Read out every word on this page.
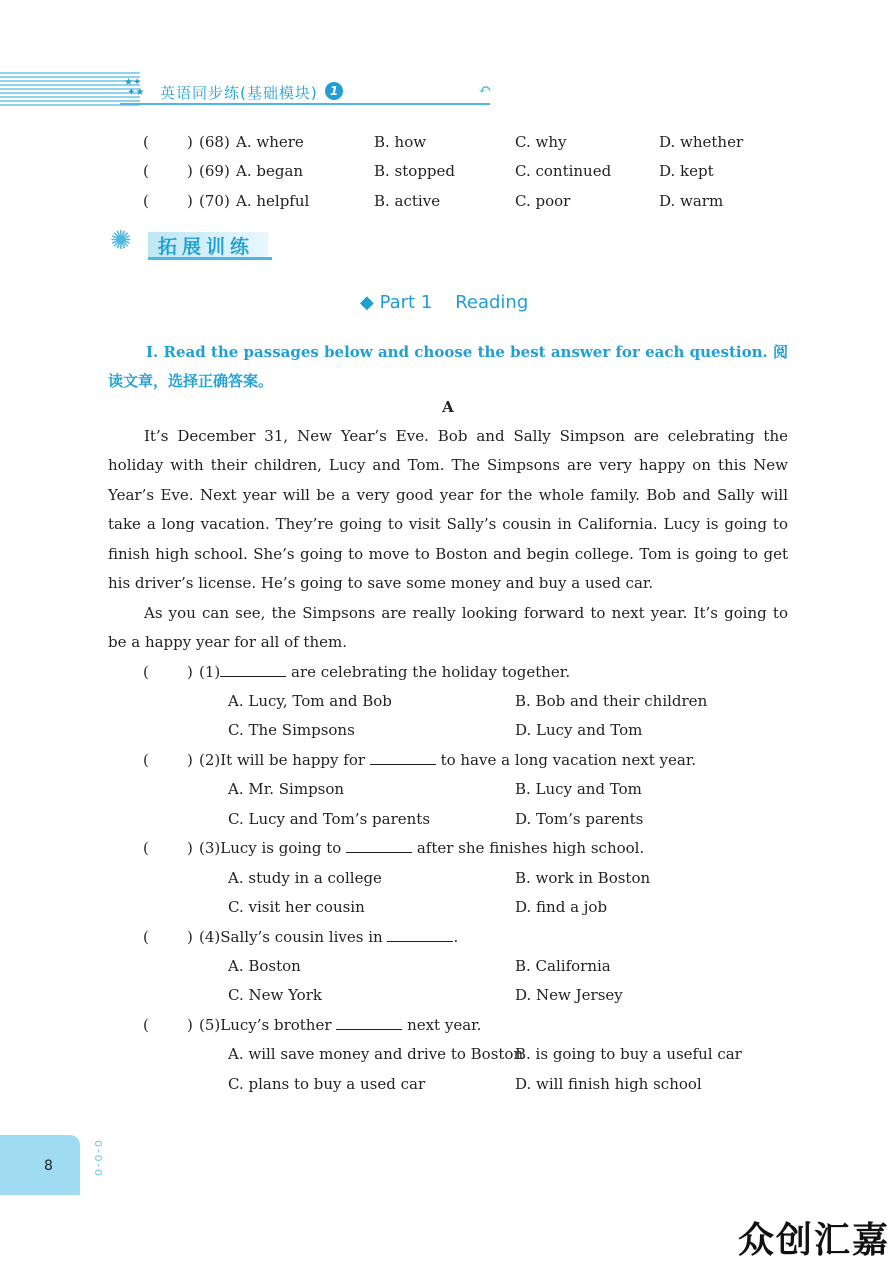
★✦
✦★ 英语同步练(基础模块)	1	↶
(	) (68) A. where	B. how	C. why	D. whether
(	) (69) A. began	B. stopped	C. continued	D. kept
(	) (70) A. helpful	B. active	C. poor	D. warm
✺ 拓展训练
◆ Part 1 Reading
Ⅰ. Read the passages below and choose the best answer for each question. 阅读文章，选择正确答案。
A
It’s December 31, New Year’s Eve. Bob and Sally Simpson are celebrating the holiday with their children, Lucy and Tom. The Simpsons are very happy on this New Year’s Eve. Next year will be a very good year for the whole family. Bob and Sally will take a long vacation. They’re going to visit Sally’s cousin in California. Lucy is going to finish high school. She’s going to move to Boston and begin college. Tom is going to get his driver’s license. He’s going to save some money and buy a used car.
As you can see, the Simpsons are really looking forward to next year. It’s going to be a happy year for all of them.
(	) (1)	are celebrating the holiday together.
A. Lucy, Tom and Bob	B. Bob and their children
C. The Simpsons	D. Lucy and Tom
(	) (2)It will be happy for	to have a long vacation next year.
A. Mr. Simpson	B. Lucy and Tom
C. Lucy and Tom’s parents	D. Tom’s parents
(	) (3)Lucy is going to	after she finishes high school.
A. study in a college	B. work in Boston
C. visit her cousin	D. find a job
(	) (4)Sally’s cousin lives in	.
A. Boston	B. California
C. New York	D. New Jersey
(	) (5)Lucy’s brother	next year.
A. will save money and drive to Boston
B. is going to buy a useful car
C. plans to buy a used car	D. will finish high school
8	o-o-o
众创汇嘉
